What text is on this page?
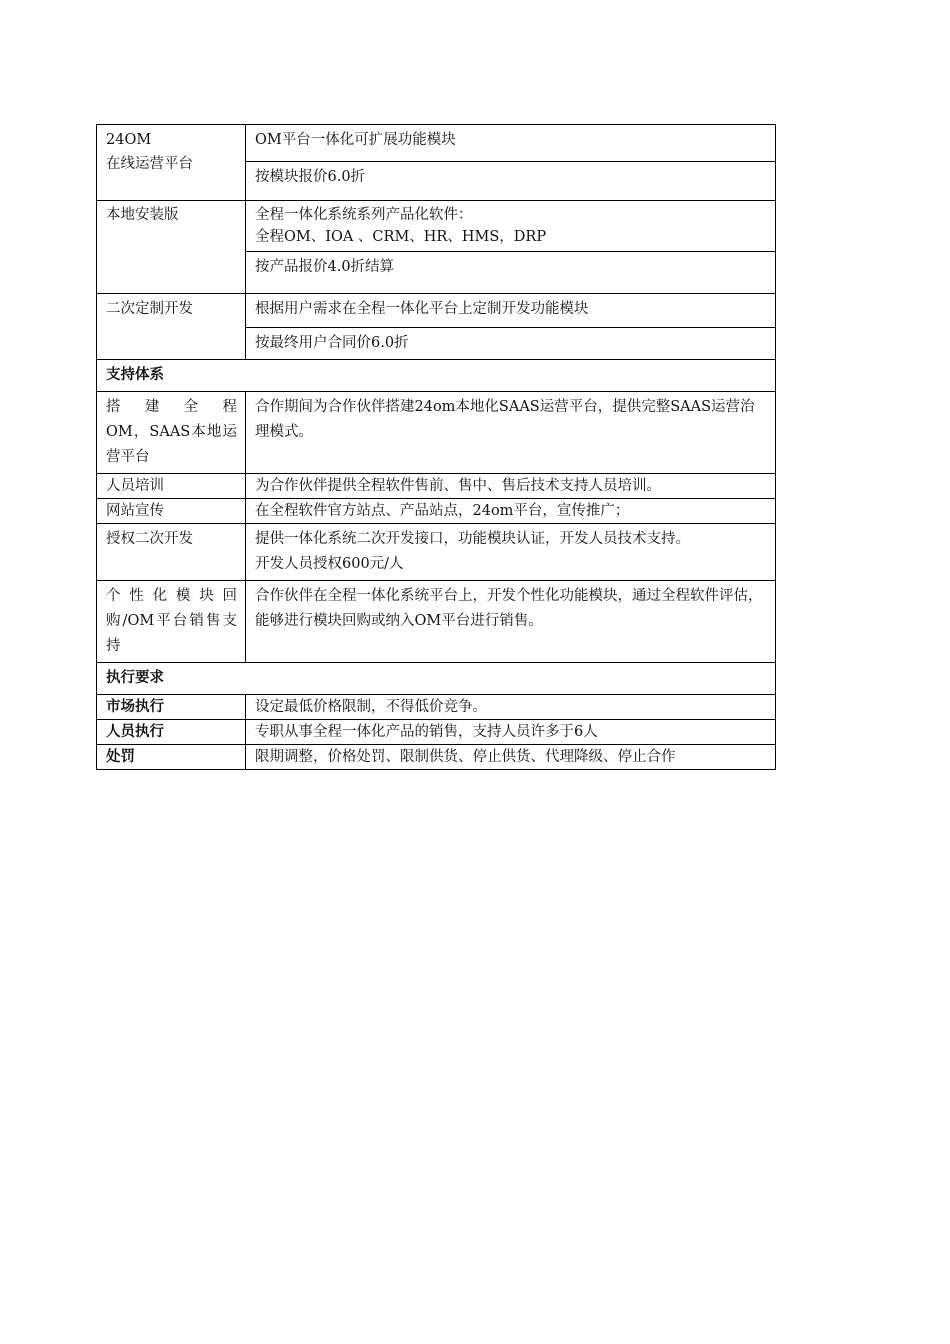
24OM
在线运营平台	OM平台一体化可扩展功能模块
	按模块报价6.0折
本地安装版	全程一体化系统系列产品化软件：
全程OM、IOA 、CRM、HR、HMS，DRP

	按产品报价4.0折结算
二次定制开发	根据用户需求在全程一体化平台上定制开发功能模块
	按最终用户合同价6.0折
支持体系	

搭建全程
OM，SAAS本地运
营平台	合作期间为合作伙伴搭建24om本地化SAAS运营平台，提供完整SAAS运营治理模式。
人员培训	为合作伙伴提供全程软件售前、售中、售后技术支持人员培训。
网站宣传	在全程软件官方站点、产品站点，24om平台，宣传推广；
授权二次开发	提供一体化系统二次开发接口，功能模块认证，开发人员技术支持。
开发人员授权600元/人

个性化模块回
购/OM平台销售支
持	合作伙伴在全程一体化系统平台上，开发个性化功能模块，通过全程软件评估，能够进行模块回购或纳入OM平台进行销售。
执行要求	
市场执行	设定最低价格限制，不得低价竞争。
人员执行	专职从事全程一体化产品的销售，支持人员许多于6人
处罚	限期调整，价格处罚、限制供货、停止供货、代理降级、停止合作
